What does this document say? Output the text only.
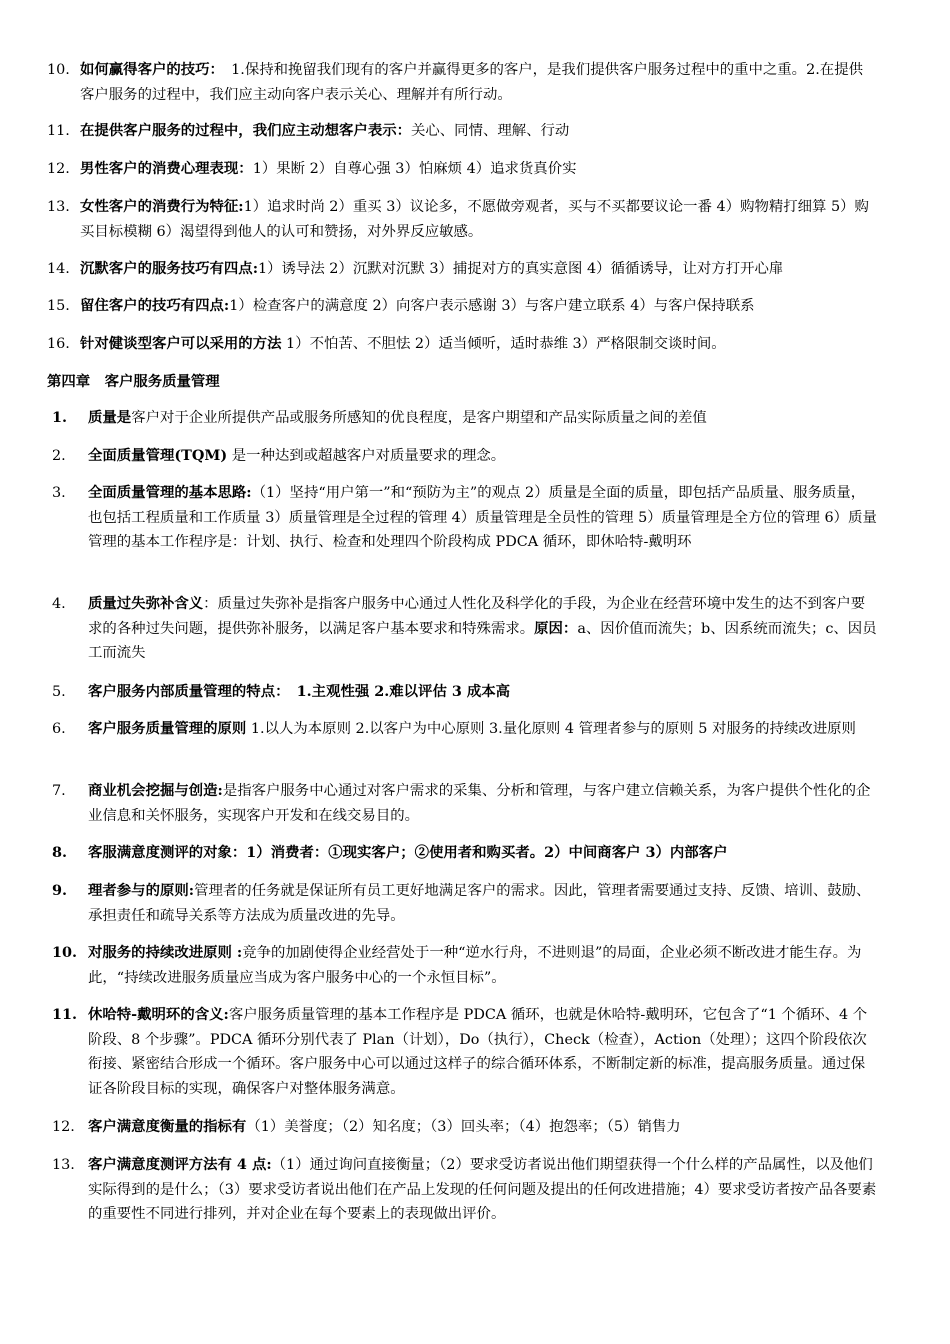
10. 如何赢得客户的技巧：　1.保持和挽留我们现有的客户并赢得更多的客户，是我们提供客户服务过程中的重中之重。2.在提供客户服务的过程中，我们应主动向客户表示关心、理解并有所行动。
11. 在提供客户服务的过程中，我们应主动想客户表示：关心、同情、理解、行动
12. 男性客户的消费心理表现：1）果断 2）自尊心强 3）怕麻烦 4）追求货真价实
13. 女性客户的消费行为特征:1）追求时尚 2）重买 3）议论多，不愿做旁观者，买与不买都要议论一番 4）购物精打细算 5）购买目标模糊 6）渴望得到他人的认可和赞扬，对外界反应敏感。
14. 沉默客户的服务技巧有四点:1）诱导法 2）沉默对沉默 3）捕捉对方的真实意图 4）循循诱导，让对方打开心扉
15. 留住客户的技巧有四点:1）检查客户的满意度 2）向客户表示感谢 3）与客户建立联系 4）与客户保持联系
16. 针对健谈型客户可以采用的方法 1）不怕苦、不胆怯 2）适当倾听，适时恭维 3）严格限制交谈时间。
第四章　客户服务质量管理
1.	质量是客户对于企业所提供产品或服务所感知的优良程度，是客户期望和产品实际质量之间的差值
2.	全面质量管理(TQM) 是一种达到或超越客户对质量要求的理念。
3.	全面质量管理的基本思路:（1）坚持“用户第一”和“预防为主”的观点 2）质量是全面的质量，即包括产品质量、服务质量，也包括工程质量和工作质量 3）质量管理是全过程的管理 4）质量管理是全员性的管理 5）质量管理是全方位的管理 6）质量管理的基本工作程序是：计划、执行、检查和处理四个阶段构成 PDCA 循环，即休哈特-戴明环
4.	质量过失弥补含义：质量过失弥补是指客户服务中心通过人性化及科学化的手段，为企业在经营环境中发生的达不到客户要求的各种过失问题，提供弥补服务，以满足客户基本要求和特殊需求。原因：a、因价值而流失；b、因系统而流失；c、因员工而流失
5.	客户服务内部质量管理的特点：　1.主观性强 2.难以评估 3 成本高
6.	客户服务质量管理的原则 1.以人为本原则 2.以客户为中心原则 3.量化原则 4 管理者参与的原则 5 对服务的持续改进原则
7.	商业机会挖掘与创造:是指客户服务中心通过对客户需求的采集、分析和管理，与客户建立信赖关系，为客户提供个性化的企业信息和关怀服务，实现客户开发和在线交易目的。
8.	客服满意度测评的对象：1）消费者：①现实客户；②使用者和购买者。2）中间商客户 3）内部客户
9.	理者参与的原则:管理者的任务就是保证所有员工更好地满足客户的需求。因此，管理者需要通过支持、反馈、培训、鼓励、承担责任和疏导关系等方法成为质量改进的先导。
10. 对服务的持续改进原则 :竞争的加剧使得企业经营处于一种“逆水行舟，不进则退”的局面，企业必须不断改进才能生存。为此，“持续改进服务质量应当成为客户服务中心的一个永恒目标”。
11. 休哈特-戴明环的含义:客户服务质量管理的基本工作程序是 PDCA 循环，也就是休哈特-戴明环，它包含了“1 个循环、4 个阶段、8 个步骤”。PDCA 循环分别代表了 Plan（计划），Do（执行），Check（检查），Action（处理）；这四个阶段依次衔接、紧密结合形成一个循环。客户服务中心可以通过这样子的综合循环体系，不断制定新的标准，提高服务质量。通过保证各阶段目标的实现，确保客户对整体服务满意。
12. 客户满意度衡量的指标有（1）美誉度；（2）知名度；（3）回头率；（4）抱怨率；（5）销售力
13. 客户满意度测评方法有 4 点:（1）通过询问直接衡量；（2）要求受访者说出他们期望获得一个什么样的产品属性，以及他们实际得到的是什么；（3）要求受访者说出他们在产品上发现的任何问题及提出的任何改进措施；4）要求受访者按产品各要素的重要性不同进行排列，并对企业在每个要素上的表现做出评价。
